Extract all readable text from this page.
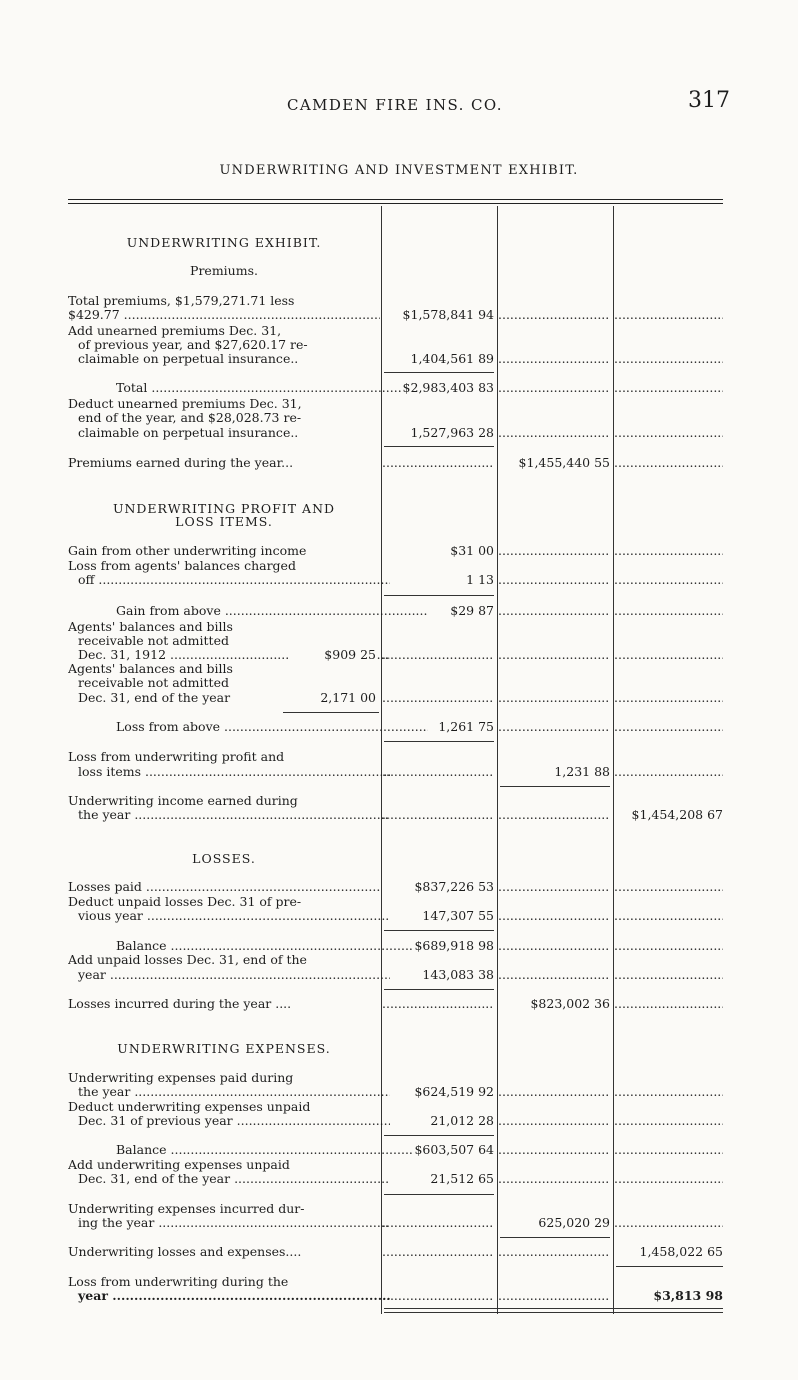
CAMDEN FIRE INS. CO.	317
UNDERWRITING AND INVESTMENT EXHIBIT.
UNDERWRITING EXHIBIT.
Premiums.
Total premiums, $1,579,271.71 less
$429.77 .....	$1,578,841 94
.....
.....
Add unearned premiums Dec. 31,
of previous year, and $27,620.17 re-
claimable on perpetual insurance..	1,404,561 89
.....
.....
Total .....	$2,983,403 83
.....
.....
Deduct unearned premiums Dec. 31,
end of the year, and $28,028.73 re-
claimable on perpetual insurance..	1,527,963 28
.....
.....
Premiums earned during the year... .....	$1,455,440 55
.....
UNDERWRITING PROFIT AND
LOSS ITEMS.
Gain from other underwriting income	$31 00
.....
.....
Loss from agents' balances charged
off .....	1 13
.....
.....
Gain from above .....	$29 87
.....
.....
Agents' balances and bills
receivable not admitted
Dec. 31, 1912 .....	$909 25
.....
.....
.....
Agents' balances and bills
receivable not admitted
Dec. 31, end of the year	2,171 00
.....
.....
.....
Loss from above .....	1,261 75
.....
.....
Loss from underwriting profit and
loss items ..... .....	1,231 88
.....
Underwriting income earned during
the year ..... ..... .....	$1,454,208 67
LOSSES.
Losses paid .....	$837,226 53
.....
.....
Deduct unpaid losses Dec. 31 of pre-
vious year .....	147,307 55
.....
.....
Balance .....	$689,918 98
.....
.....
Add unpaid losses Dec. 31, end of the
year .....	143,083 38
.....
.....
Losses incurred during the year .... .....	$823,002 36
.....
UNDERWRITING EXPENSES.
Underwriting expenses paid during
the year .....	$624,519 92
.....
.....
Deduct underwriting expenses unpaid
Dec. 31 of previous year .....	21,012 28
.....
.....
Balance .....	$603,507 64
.....
.....
Add underwriting expenses unpaid
Dec. 31, end of the year .....	21,512 65
.....
.....
Underwriting expenses incurred dur-
ing the year ..... .....	625,020 29
.....
Underwriting losses and expenses.... ..... .....	1,458,022 65
Loss from underwriting during the
year ..... ..... .....	$3,813 98
